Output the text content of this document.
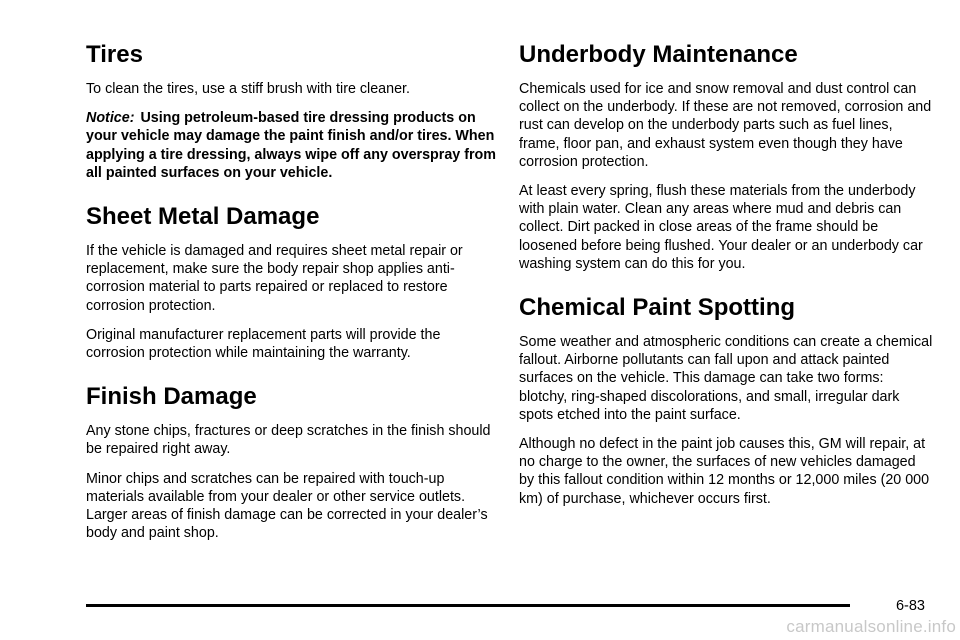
Tires

To clean the tires, use a stiff brush with tire cleaner.

Notice: Using petroleum-based tire dressing products on your vehicle may damage the paint finish and/or tires. When applying a tire dressing, always wipe off any overspray from all painted surfaces on your vehicle.

Sheet Metal Damage

If the vehicle is damaged and requires sheet metal repair or replacement, make sure the body repair shop applies anti-corrosion material to parts repaired or replaced to restore corrosion protection.

Original manufacturer replacement parts will provide the corrosion protection while maintaining the warranty.

Finish Damage

Any stone chips, fractures or deep scratches in the finish should be repaired right away.

Minor chips and scratches can be repaired with touch-up materials available from your dealer or other service outlets. Larger areas of finish damage can be corrected in your dealer’s body and paint shop.

Underbody Maintenance

Chemicals used for ice and snow removal and dust control can collect on the underbody. If these are not removed, corrosion and rust can develop on the underbody parts such as fuel lines, frame, floor pan, and exhaust system even though they have corrosion protection.

At least every spring, flush these materials from the underbody with plain water. Clean any areas where mud and debris can collect. Dirt packed in close areas of the frame should be loosened before being flushed. Your dealer or an underbody car washing system can do this for you.

Chemical Paint Spotting

Some weather and atmospheric conditions can create a chemical fallout. Airborne pollutants can fall upon and attack painted surfaces on the vehicle. This damage can take two forms: blotchy, ring-shaped discolorations, and small, irregular dark spots etched into the paint surface.

Although no defect in the paint job causes this, GM will repair, at no charge to the owner, the surfaces of new vehicles damaged by this fallout condition within 12 months or 12,000 miles (20 000 km) of purchase, whichever occurs first.

6-83
carmanualsonline.info
